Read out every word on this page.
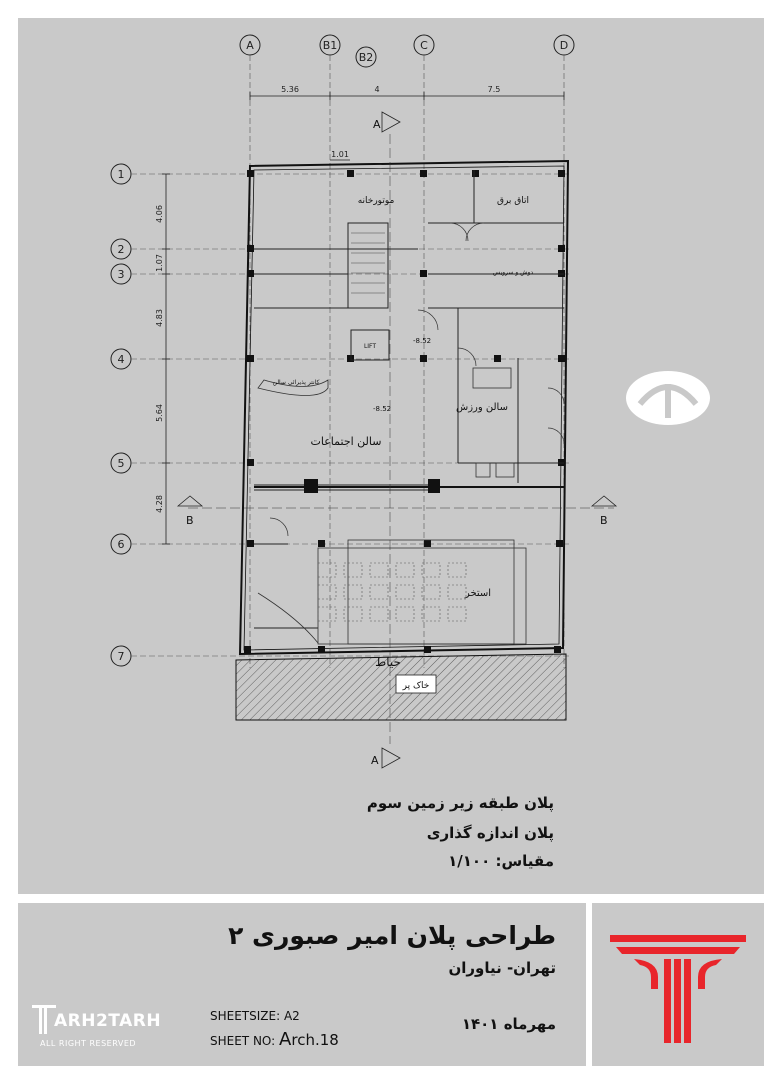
A	B1
B2
C	D
5.36	4	7.5
1.01
1
2
3
4
5
6
7
4.06
1.07
4.83
5.64
4.28
موتورخانه	اتاق برق
دوش و سرویس
سالن اجتماعات
کانتر پذیرائی سالن
سالن ورزش
استخر
حیاط
خاک پر
LIFT
-8.52
-8.52
A
A
B	B
پلان طبقه زیر زمین سوم
پلان اندازه گذاری
مقیاس: ۱/۱۰۰
طراحی پلان امیر صبوری ۲
تهران- نیاوران
مهرماه ۱۴۰۱
SHEETSIZE: A2
SHEET NO: Arch.18
ARH2TARH
ALL RIGHT RESERVED
